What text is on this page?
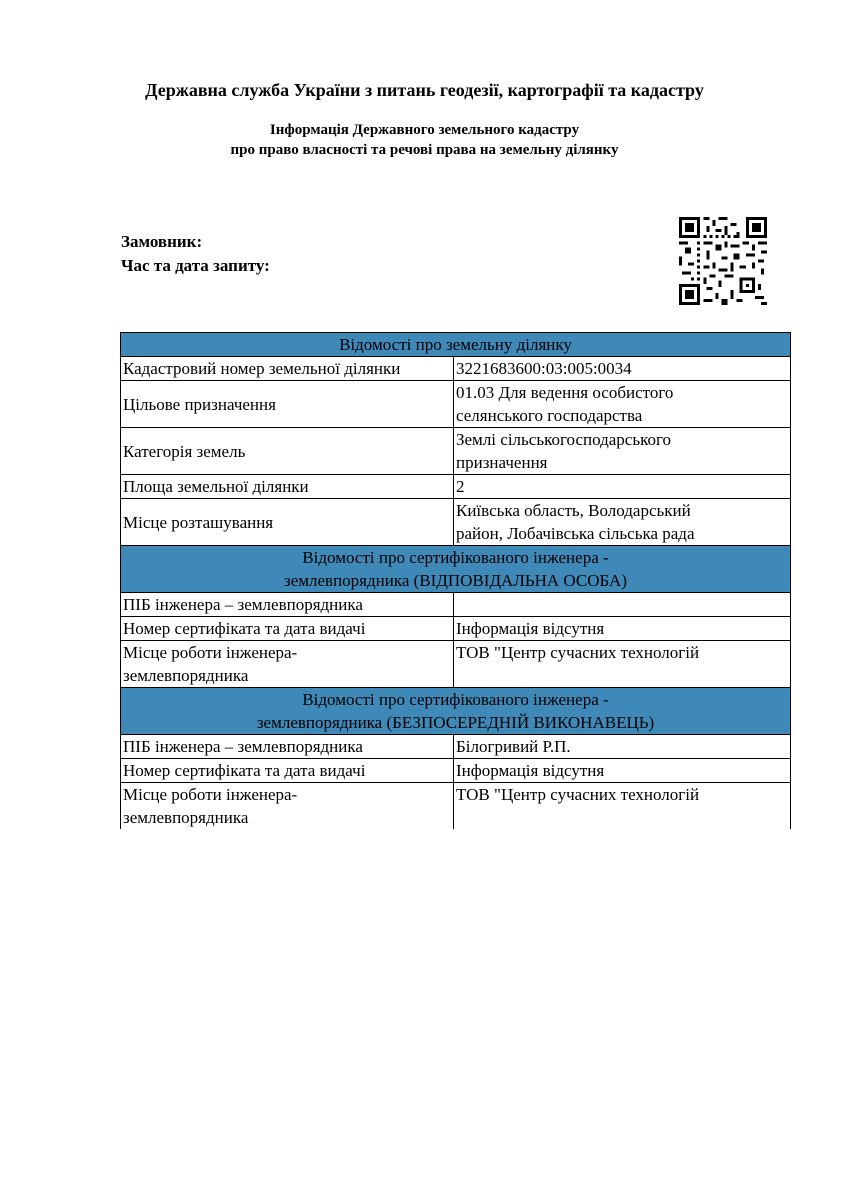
Державна служба України з питань геодезії, картографії та кадастру
Інформація Державного земельного кадастру
про право власності та речові права на земельну ділянку
Замовник:
Час та дата запиту:
Відомості про земельну ділянку	
Кадастровий номер земельної ділянки	3221683600:03:005:0034
Цільове призначення	01.03 Для ведення особистого
селянського господарства

Категорія земель	Землі сільськогосподарського
призначення

Площа земельної ділянки	2
Місце розташування	Київська область, Володарський
район, Лобачівська сільська рада

Відомості про сертифікованого інженера -
землевпорядника (ВІДПОВІДАЛЬНА ОСОБА)	

ПІБ інженера – землевпорядника	
Номер сертифіката та дата видачі	Інформація відсутня

Місце роботи інженера-
землевпорядника	ТОВ "Центр сучасних технологій

Відомості про сертифікованого інженера -
землевпорядника (БЕЗПОСЕРЕДНІЙ ВИКОНАВЕЦЬ)	

ПІБ інженера – землевпорядника	Білогривий Р.П.
Номер сертифіката та дата видачі	Інформація відсутня

Місце роботи інженера-
землевпорядника	ТОВ "Центр сучасних технологій
